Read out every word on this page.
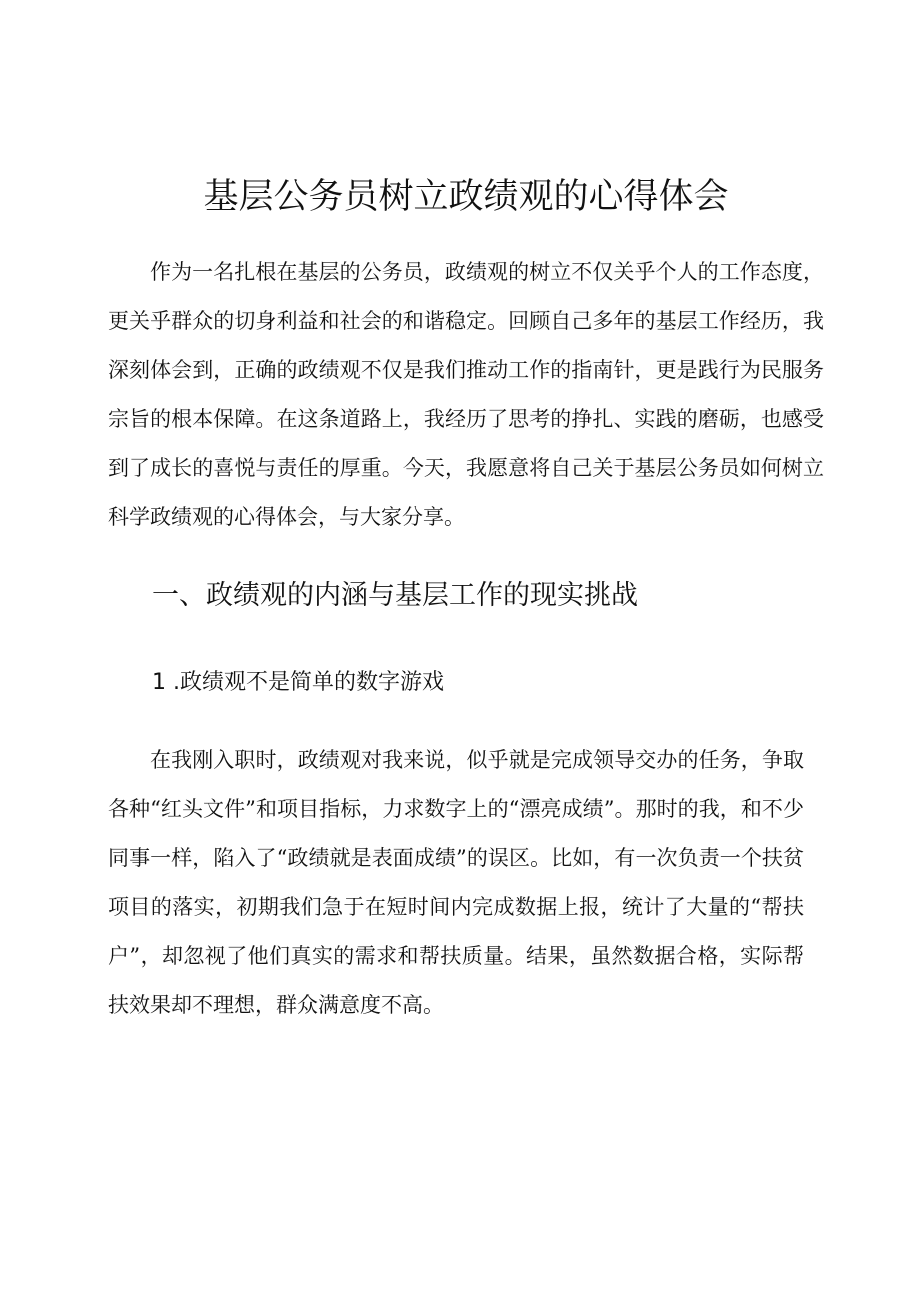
基层公务员树立政绩观的心得体会

作为一名扎根在基层的公务员，政绩观的树立不仅关乎个人的工作态度，更关乎群众的切身利益和社会的和谐稳定。回顾自己多年的基层工作经历，我深刻体会到，正确的政绩观不仅是我们推动工作的指南针，更是践行为民服务宗旨的根本保障。在这条道路上，我经历了思考的挣扎、实践的磨砺，也感受到了成长的喜悦与责任的厚重。今天，我愿意将自己关于基层公务员如何树立科学政绩观的心得体会，与大家分享。

一、政绩观的内涵与基层工作的现实挑战
1 .政绩观不是简单的数字游戏

在我刚入职时，政绩观对我来说，似乎就是完成领导交办的任务，争取各种“红头文件”和项目指标，力求数字上的“漂亮成绩”。那时的我，和不少同事一样，陷入了“政绩就是表面成绩”的误区。比如，有一次负责一个扶贫项目的落实，初期我们急于在短时间内完成数据上报，统计了大量的“帮扶户”，却忽视了他们真实的需求和帮扶质量。结果，虽然数据合格，实际帮扶效果却不理想，群众满意度不高。
